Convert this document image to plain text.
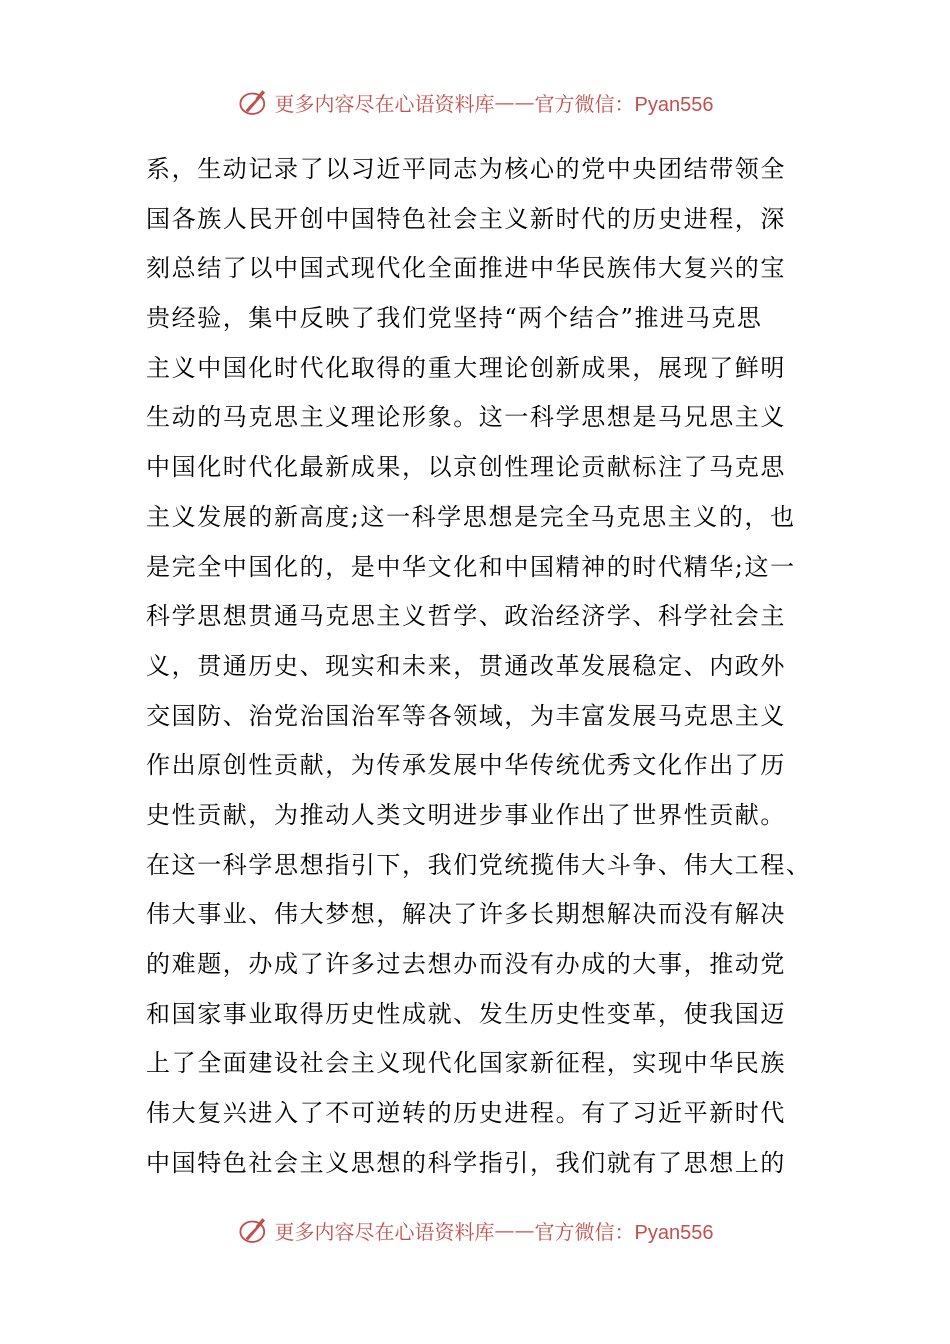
更多内容尽在心语资料库 —— 官方微信：Pyan556
系，生动记录了以习近平同志为核心的党中央团结带领全
国各族人民开创中国特色社会主义新时代的历史进程，深
刻总结了以中国式现代化全面推进中华民族伟大复兴的宝
贵经验，集中反映了我们党坚持“两个结合”推进马克思
主义中国化时代化取得的重大理论创新成果，展现了鲜明
生动的马克思主义理论形象。这一科学思想是马兄思主义
中国化时代化最新成果，以京创性理论贡献标注了马克思
主义发展的新高度;这一科学思想是完全马克思主义的，也
是完全中国化的，是中华文化和中国精神的时代精华;这一
科学思想贯通马克思主义哲学、政治经济学、科学社会主
义，贯通历史、现实和未来，贯通改革发展稳定、内政外
交国防、治党治国治军等各领域，为丰富发展马克思主义
作出原创性贡献，为传承发展中华传统优秀文化作出了历
史性贡献，为推动人类文明进步事业作出了世界性贡献。
在这一科学思想指引下，我们党统揽伟大斗争、伟大工程、
伟大事业、伟大梦想，解决了许多长期想解决而没有解决
的难题，办成了许多过去想办而没有办成的大事，推动党
和国家事业取得历史性成就、发生历史性变革，使我国迈
上了全面建设社会主义现代化国家新征程，实现中华民族
伟大复兴进入了不可逆转的历史进程。有了习近平新时代
中国特色社会主义思想的科学指引，我们就有了思想上的
更多内容尽在心语资料库 —— 官方微信：Pyan556
